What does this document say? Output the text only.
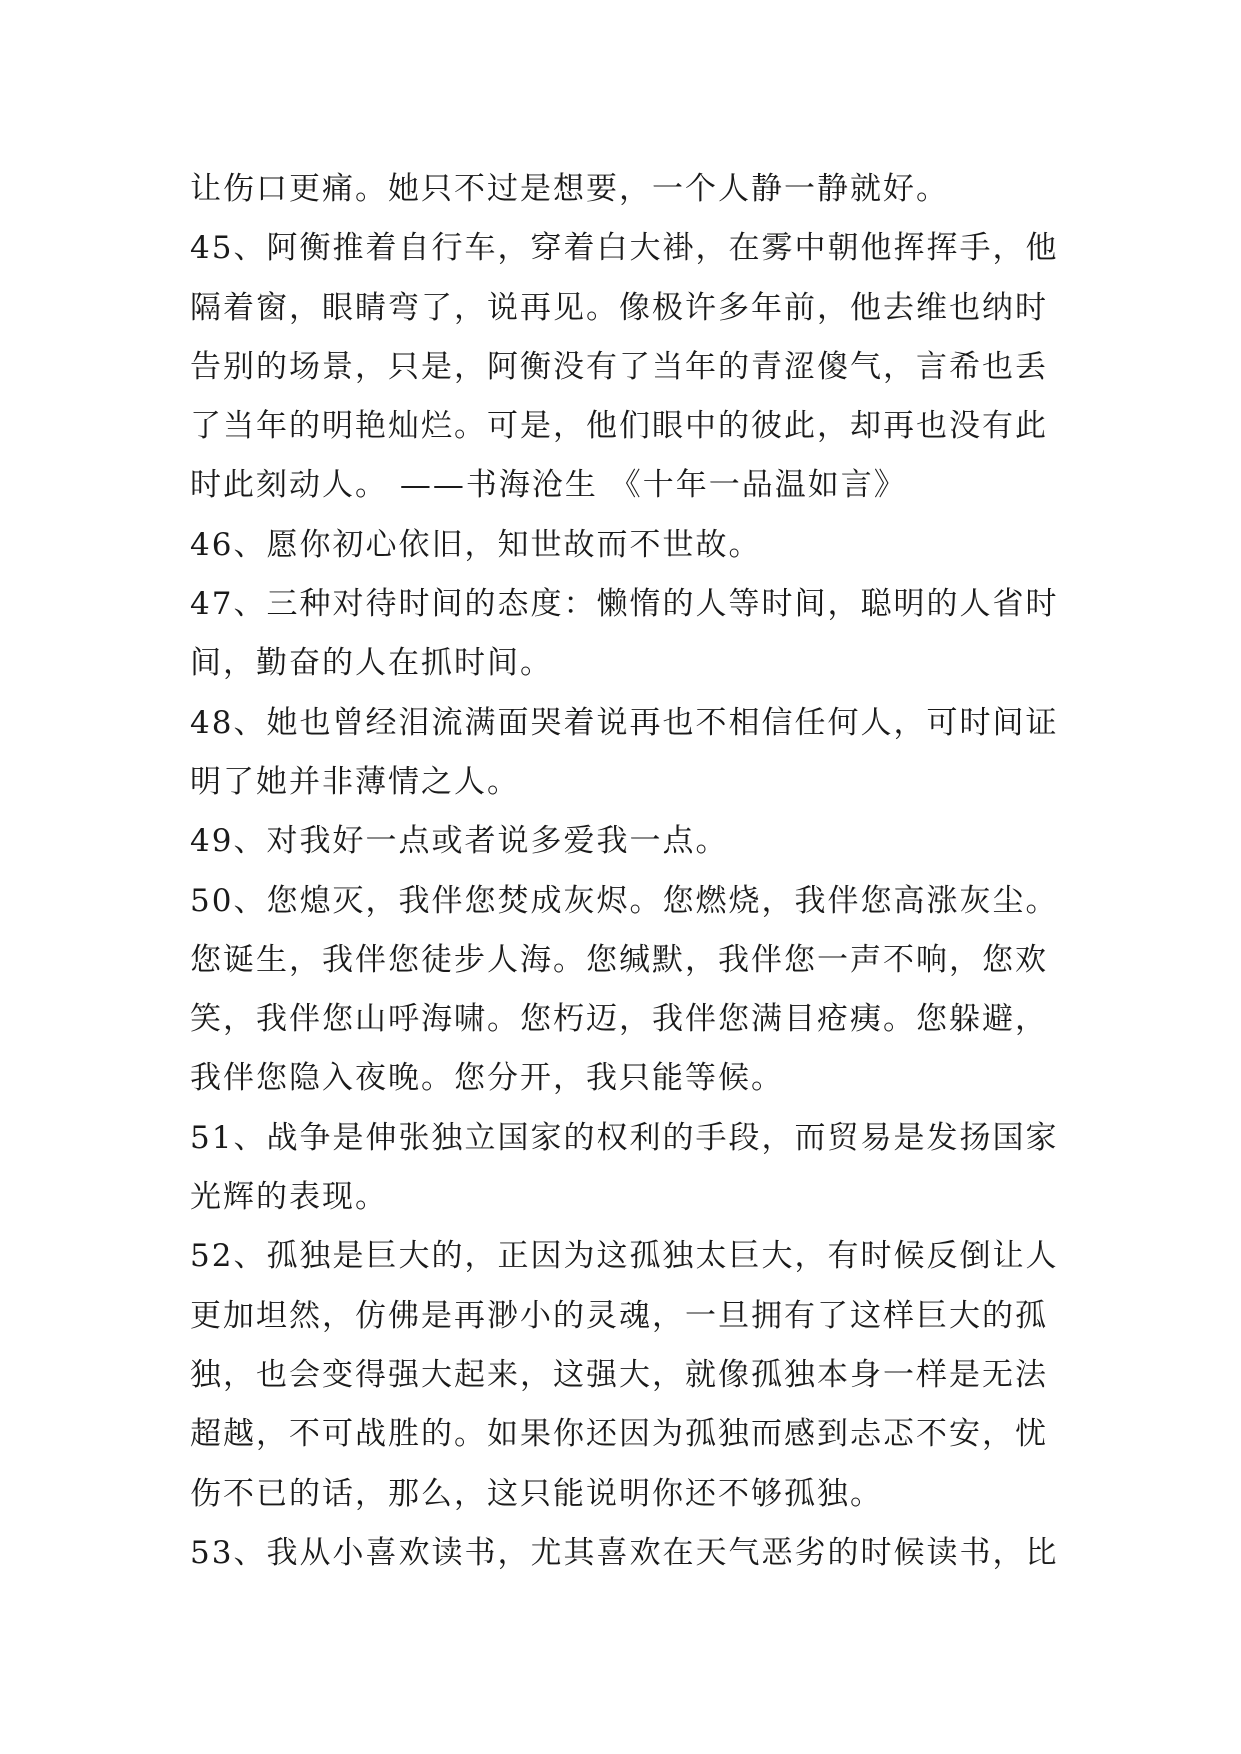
让伤口更痛。她只不过是想要，一个人静一静就好。
45、阿衡推着自行车，穿着白大褂，在雾中朝他挥挥手，他
隔着窗，眼睛弯了，说再见。像极许多年前，他去维也纳时
告别的场景，只是，阿衡没有了当年的青涩傻气，言希也丢
了当年的明艳灿烂。可是，他们眼中的彼此，却再也没有此
时此刻动人。 ——书海沧生 《十年一品温如言》
46、愿你初心依旧，知世故而不世故。
47、三种对待时间的态度：懒惰的人等时间，聪明的人省时
间，勤奋的人在抓时间。
48、她也曾经泪流满面哭着说再也不相信任何人，可时间证
明了她并非薄情之人。
49、对我好一点或者说多爱我一点。
50、您熄灭，我伴您焚成灰烬。您燃烧，我伴您高涨灰尘。
您诞生，我伴您徒步人海。您缄默，我伴您一声不响，您欢
笑，我伴您山呼海啸。您朽迈，我伴您满目疮痍。您躲避，
我伴您隐入夜晚。您分开，我只能等候。
51、战争是伸张独立国家的权利的手段，而贸易是发扬国家
光辉的表现。
52、孤独是巨大的，正因为这孤独太巨大，有时候反倒让人
更加坦然，仿佛是再渺小的灵魂，一旦拥有了这样巨大的孤
独，也会变得强大起来，这强大，就像孤独本身一样是无法
超越，不可战胜的。如果你还因为孤独而感到忐忑不安，忧
伤不已的话，那么，这只能说明你还不够孤独。
53、我从小喜欢读书，尤其喜欢在天气恶劣的时候读书，比
